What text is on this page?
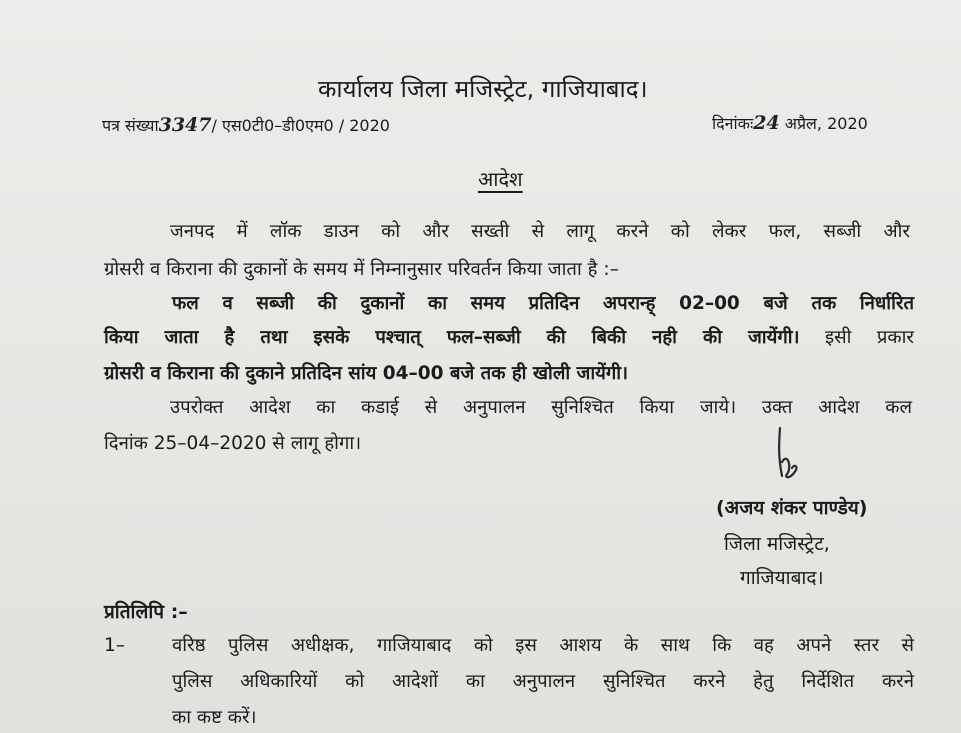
कार्यालय जिला मजिस्ट्रेट, गाजियाबाद।
पत्र संख्या3347/ एस0टी0–डी0एम0 / 2020	दिनांकः24 अप्रैल, 2020
आदेश
जनपद में लॉक डाउन को और सख्ती से लागू करने को लेकर फल, सब्जी और
ग्रोसरी व किराना की दुकानों के समय में निम्नानुसार परिवर्तन किया जाता है :–
फल व सब्जी की दुकानों का समय प्रतिदिन अपरान्ह् 02–00 बजे तक निर्धारित
किया जाता है तथा इसके पश्चात् फल–सब्जी की बिकी नही की जायेंगी। इसी प्रकार
ग्रोसरी व किराना की दुकाने प्रतिदिन सांय 04–00 बजे तक ही खोली जायेंगी।
उपरोक्त आदेश का कडाई से अनुपालन सुनिश्चित किया जाये। उक्त आदेश कल
दिनांक 25–04–2020 से लागू होगा।
(अजय शंकर पाण्डेय)
जिला मजिस्ट्रेट,
गाजियाबाद।
प्रतिलिपि :–
1–	वरिष्ठ पुलिस अधीक्षक, गाजियाबाद को इस आशय के साथ कि वह अपने स्तर से
पुलिस अधिकारियों को आदेशों का अनुपालन सुनिश्चित करने हेतु निर्देशित करने
का कष्ट करें।
